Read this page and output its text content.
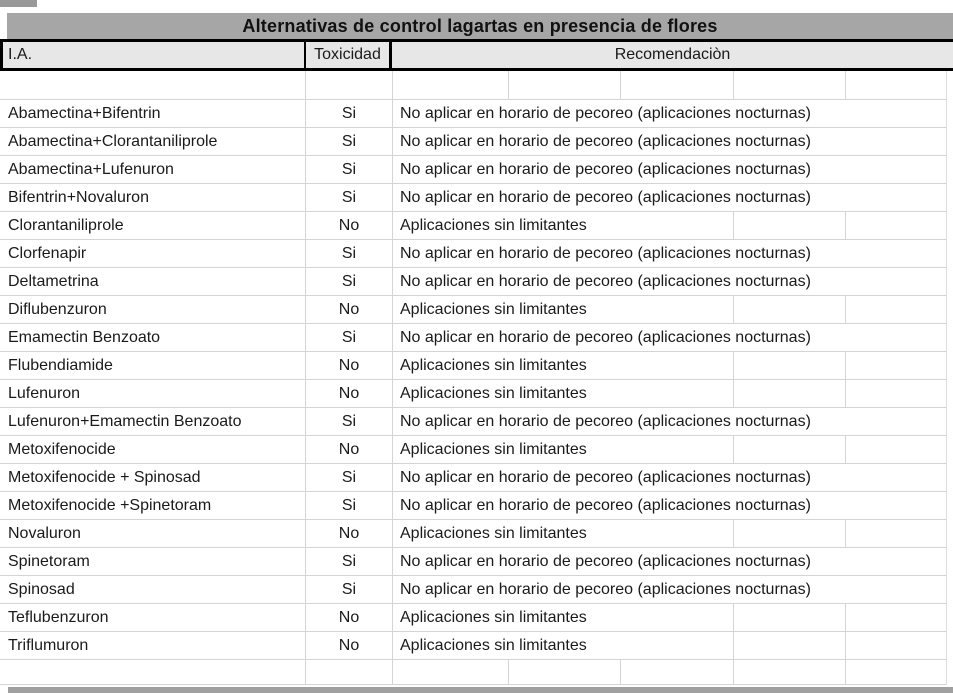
Alternativas de control lagartas en presencia de flores
I.A.	Toxicidad	Recomendaciòn
Abamectina+Bifentrin	Si	No aplicar en horario de pecoreo (aplicaciones nocturnas)
Abamectina+Clorantaniliprole	Si	No aplicar en horario de pecoreo (aplicaciones nocturnas)
Abamectina+Lufenuron	Si	No aplicar en horario de pecoreo (aplicaciones nocturnas)
Bifentrin+Novaluron	Si	No aplicar en horario de pecoreo (aplicaciones nocturnas)
Clorantaniliprole	No	Aplicaciones sin limitantes
Clorfenapir	Si	No aplicar en horario de pecoreo (aplicaciones nocturnas)
Deltametrina	Si	No aplicar en horario de pecoreo (aplicaciones nocturnas)
Diflubenzuron	No	Aplicaciones sin limitantes
Emamectin Benzoato	Si	No aplicar en horario de pecoreo (aplicaciones nocturnas)
Flubendiamide	No	Aplicaciones sin limitantes
Lufenuron	No	Aplicaciones sin limitantes
Lufenuron+Emamectin Benzoato	Si	No aplicar en horario de pecoreo (aplicaciones nocturnas)
Metoxifenocide	No	Aplicaciones sin limitantes
Metoxifenocide + Spinosad	Si	No aplicar en horario de pecoreo (aplicaciones nocturnas)
Metoxifenocide +Spinetoram	Si	No aplicar en horario de pecoreo (aplicaciones nocturnas)
Novaluron	No	Aplicaciones sin limitantes
Spinetoram	Si	No aplicar en horario de pecoreo (aplicaciones nocturnas)
Spinosad	Si	No aplicar en horario de pecoreo (aplicaciones nocturnas)
Teflubenzuron	No	Aplicaciones sin limitantes
Triflumuron	No	Aplicaciones sin limitantes
